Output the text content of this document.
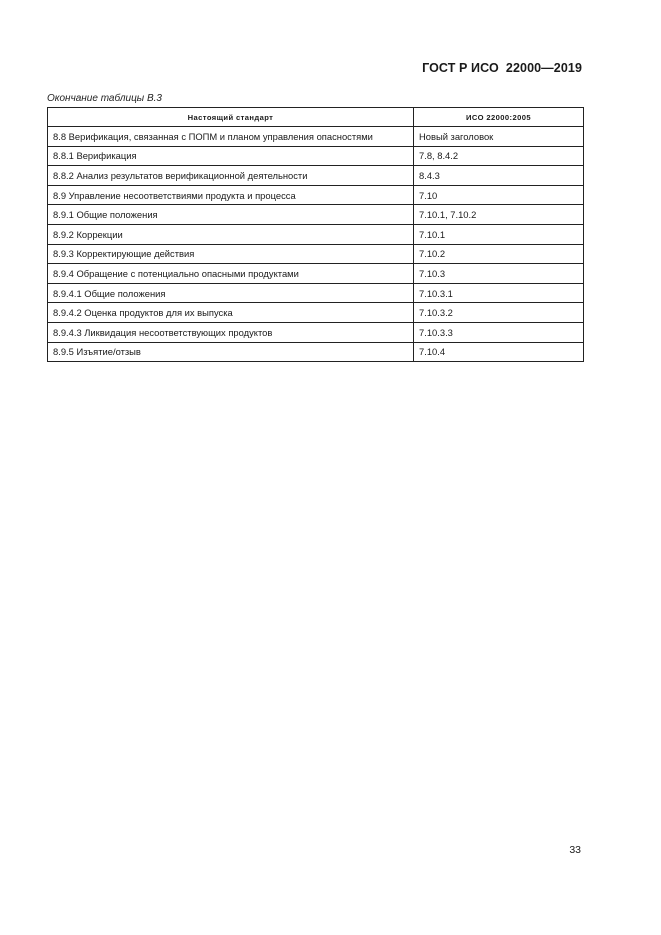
ГОСТ Р ИСО  22000—2019
Окончание таблицы В.3
Настоящий стандарт	ИСО 22000:2005
8.8 Верификация, связанная с ПОПМ и планом управления опасностями	Новый заголовок
8.8.1 Верификация	7.8, 8.4.2
8.8.2 Анализ результатов верификационной деятельности	8.4.3
8.9 Управление несоответствиями продукта и процесса	7.10
8.9.1 Общие положения	7.10.1, 7.10.2
8.9.2 Коррекции	7.10.1
8.9.3 Корректирующие действия	7.10.2
8.9.4 Обращение с потенциально опасными продуктами	7.10.3
8.9.4.1 Общие положения	7.10.3.1
8.9.4.2 Оценка продуктов для их выпуска	7.10.3.2
8.9.4.3 Ликвидация несоответствующих продуктов	7.10.3.3
8.9.5 Изъятие/отзыв	7.10.4
33
